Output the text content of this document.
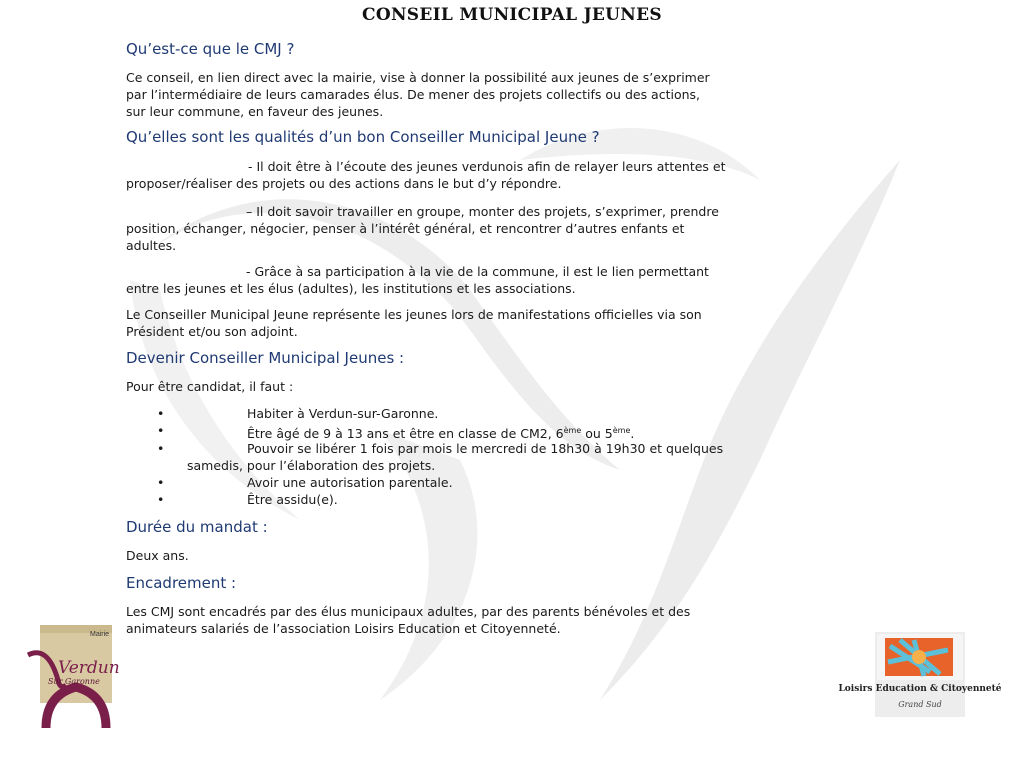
CONSEIL MUNICIPAL JEUNES
Qu’est-ce que le CMJ ?
Ce conseil, en lien direct avec la mairie, vise à donner la possibilité aux jeunes de s’exprimer
par l’intermédiaire de leurs camarades élus. De mener des projets collectifs ou des actions,
sur leur commune, en faveur des jeunes.
Qu’elles sont les qualités d’un bon Conseiller Municipal Jeune ?
- Il doit être à l’écoute des jeunes verdunois afin de relayer leurs attentes et
proposer/réaliser des projets ou des actions dans le but d’y répondre.
– Il doit savoir travailler en groupe, monter des projets, s’exprimer, prendre
position, échanger, négocier, penser à l’intérêt général, et rencontrer d’autres enfants et
adultes.
- Grâce à sa participation à la vie de la commune, il est le lien permettant
entre les jeunes et les élus (adultes), les institutions et les associations.
Le Conseiller Municipal Jeune représente les jeunes lors de manifestations officielles via son
Président et/ou son adjoint.
Devenir Conseiller Municipal Jeunes :
Pour être candidat, il faut :
•	Habiter à Verdun-sur-Garonne.
•	Être âgé de 9 à 13 ans et être en classe de CM2, 6ème ou 5ème.
•	Pouvoir se libérer 1 fois par mois le mercredi de 18h30 à 19h30 et quelques
samedis, pour l’élaboration des projets.
•	Avoir une autorisation parentale.
•	Être assidu(e).
Durée du mandat :
Deux ans.
Encadrement :
Les CMJ sont encadrés par des élus municipaux adultes, par des parents bénévoles et des
animateurs salariés de l’association Loisirs Education et Citoyenneté.
Mairie
Verdun
Sur Garonne
Loisirs Education & Citoyenneté
Grand Sud
